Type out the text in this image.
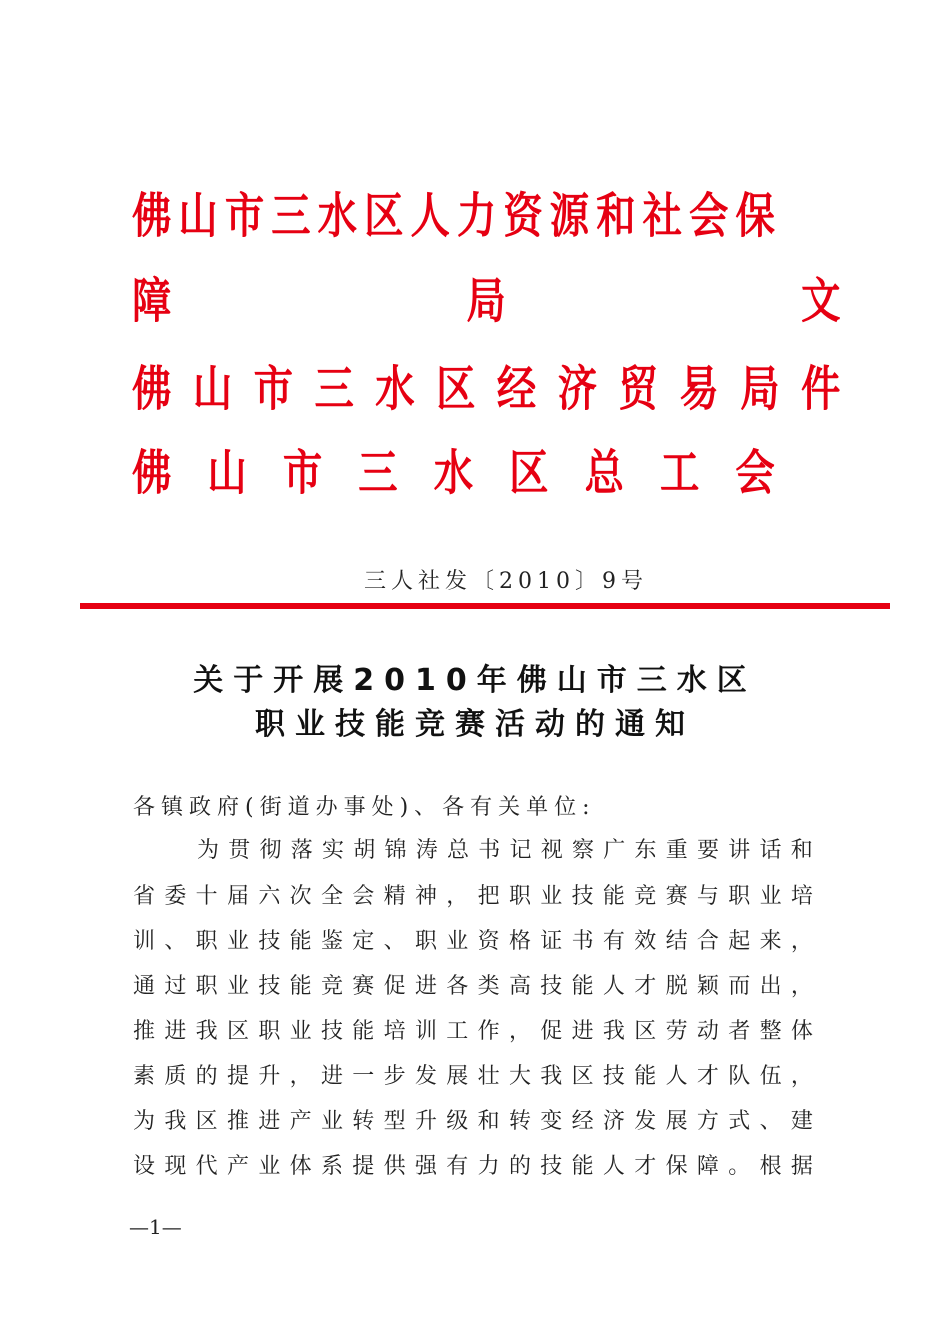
佛 山 市 三 水 区 人 力 资 源 和 社 会 保
障	局	文
佛 山 市 三 水 区 经 济 贸 易 局 件
佛 山 市 三 水 区 总 工 会
三人社发〔2010〕9号
关于开展2010年佛山市三水区
职业技能竞赛活动的通知
各镇政府(街道办事处)、各有关单位:
为 贯 彻 落 实 胡 锦 涛 总 书 记 视 察 广 东 重 要 讲 话 和
省 委 十 届 六 次 全 会 精 神 ， 把 职 业 技 能 竞 赛 与 职 业 培
训 、 职 业 技 能 鉴 定 、 职 业 资 格 证 书 有 效 结 合 起 来 ，
通 过 职 业 技 能 竞 赛 促 进 各 类 高 技 能 人 才 脱 颖 而 出 ，
推 进 我 区 职 业 技 能 培 训 工 作 ， 促 进 我 区 劳 动 者 整 体
素 质 的 提 升 ， 进 一 步 发 展 壮 大 我 区 技 能 人 才 队 伍 ，
为 我 区 推 进 产 业 转 型 升 级 和 转 变 经 济 发 展 方 式 、 建
设 现 代 产 业 体 系 提 供 强 有 力 的 技 能 人 才 保 障 。 根 据
—1—
